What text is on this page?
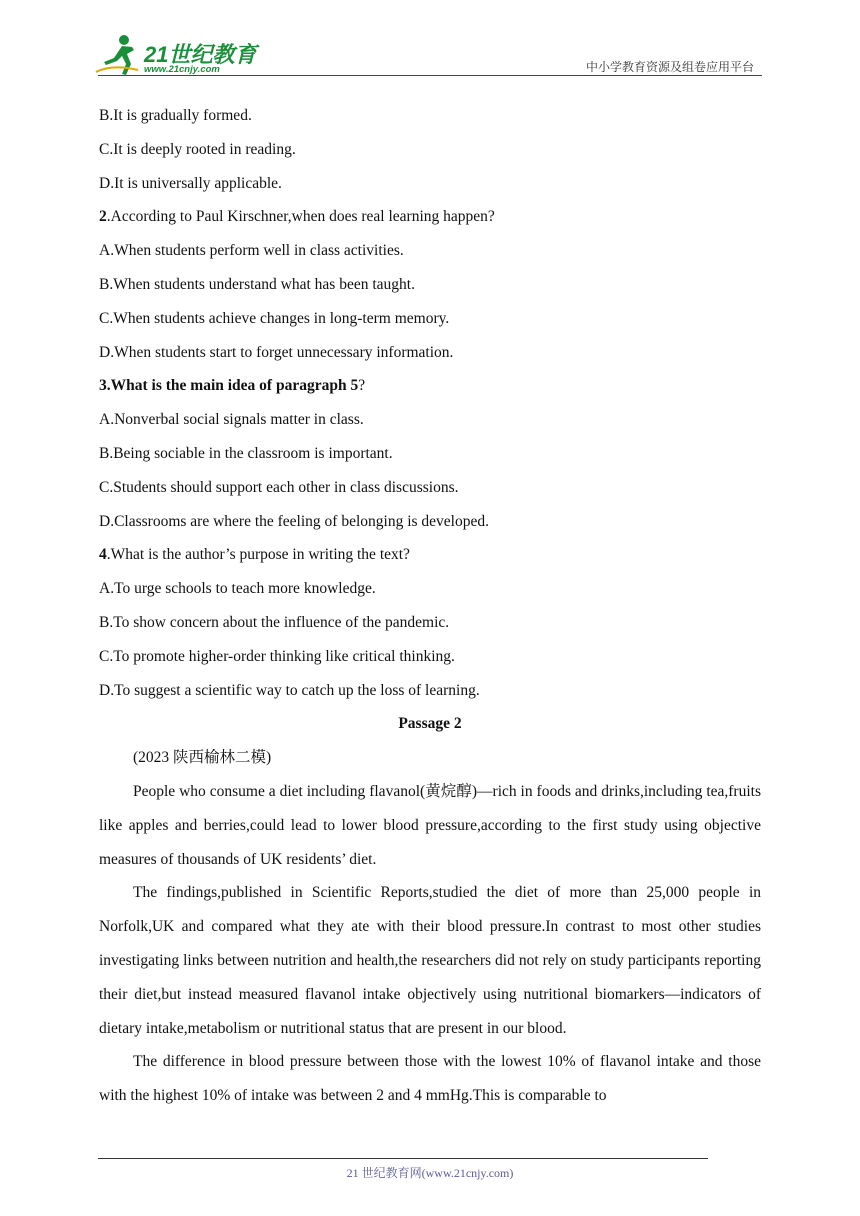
21世纪教育
www.21cnjy.com	中小学教育资源及组卷应用平台
B.It is gradually formed.
C.It is deeply rooted in reading.
D.It is universally applicable.
2.According to Paul Kirschner,when does real learning happen?
A.When students perform well in class activities.
B.When students understand what has been taught.
C.When students achieve changes in long-term memory.
D.When students start to forget unnecessary information.
3.What is the main idea of paragraph 5?
A.Nonverbal social signals matter in class.
B.Being sociable in the classroom is important.
C.Students should support each other in class discussions.
D.Classrooms are where the feeling of belonging is developed.
4.What is the author’s purpose in writing the text?
A.To urge schools to teach more knowledge.
B.To show concern about the influence of the pandemic.
C.To promote higher-order thinking like critical thinking.
D.To suggest a scientific way to catch up the loss of learning.
Passage 2
(2023 陕西榆林二模)

People who consume a diet including flavanol(黄烷醇)—rich in foods and drinks,including tea,fruits like apples and berries,could lead to lower blood pressure,according to the first study using objective measures of thousands of UK residents’ diet.

The findings,published in Scientific Reports,studied the diet of more than 25,000 people in Norfolk,UK and compared what they ate with their blood pressure.In contrast to most other studies investigating links between nutrition and health,the researchers did not rely on study participants reporting their diet,but instead measured flavanol intake objectively using nutritional biomarkers—indicators of dietary intake,metabolism or nutritional status that are present in our blood.

The difference in blood pressure between those with the lowest 10% of flavanol intake and those with the highest 10% of intake was between 2 and 4 mmHg.This is comparable to

21 世纪教育网(www.21cnjy.com)
